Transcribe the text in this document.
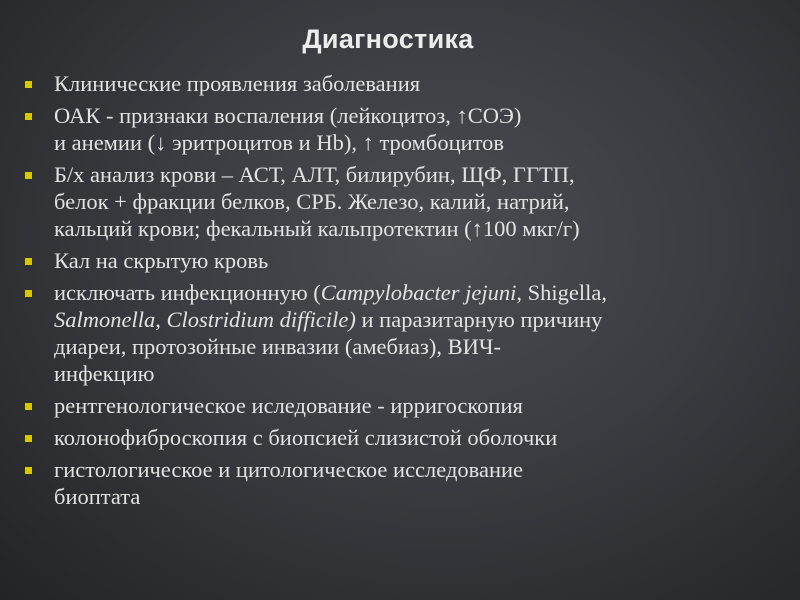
Диагностика
Клинические проявления заболевания
ОАК - признаки воспаления (лейкоцитоз, ↑СОЭ)
и анемии (↓ эритроцитов и Hb), ↑ тромбоцитов
Б/х анализ крови – АСТ, АЛТ, билирубин, ЩФ, ГГТП,
белок + фракции белков, СРБ. Железо, калий, натрий,
кальций крови; фекальный кальпротектин (↑100 мкг/г)
Кал на скрытую кровь
исключать инфекционную (Campylobacter jejuni, Shigella,
Salmonella, Clostridium difficile) и паразитарную причину
диареи, протозойные инвазии (амебиаз), ВИЧ-
инфекцию
рентгенологическое иследование - ирригоскопия
колонофиброскопия с биопсией слизистой оболочки
гистологическое и цитологическое исследование
биоптата
